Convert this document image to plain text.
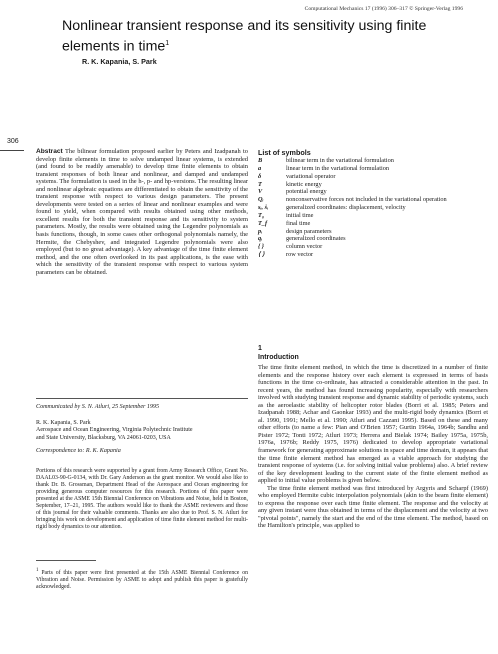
Computational Mechanics 17 (1996) 306–317 © Springer-Verlag 1996
Nonlinear transient response and its sensitivity using finite elements in time$^1$
R. K. Kapania, S. Park
306
Abstract The bilinear formulation proposed earlier by Peters and Izadpanah to develop finite elements in time to solve undamped linear systems, is extended (and found to be readily amenable) to develop time finite elements to obtain transient responses of both linear and nonlinear, and damped and undamped systems. The formulation is used in the h-, p- and hp-versions. The resulting linear and nonlinear algebraic equations are differentiated to obtain the sensitivity of the transient response with respect to various design parameters. The present developments were tested on a series of linear and nonlinear examples and were found to yield, when compared with results obtained using other methods, excellent results for both the transient response and its sensitivity to system parameters. Mostly, the results were obtained using the Legendre polynomials as basis functions, though, in some cases other orthogonal polynomials namely, the Hermite, the Chebyshev, and integrated Legendre polynomials were also employed (but to no great advantage). A key advantage of the time finite element method, and the one often overlooked in its past applications, is the ease with which the sensitivity of the transient response with respect to various system parameters can be obtained.
Communicated by S. N. Atluri, 25 September 1995
R. K. Kapania, S. Park
Aerospace and Ocean Engineering, Virginia Polytechnic Institute
and State University, Blacksburg, VA 24061-0203, USA
Correspondence to: R. K. Kapania
Portions of this research were supported by a grant from Army Research Office, Grant No. DAAL03-90-G-0134, with Dr. Gary Anderson as the grant monitor. We would also like to thank Dr. B. Grossman, Department Head of the Aerospace and Ocean engineering for providing generous computer resources for this research. Portions of this paper were presented at the ASME 15th Biennial Conference on Vibrations and Noise, held in Boston, September, 17–21, 1995. The authors would like to thank the ASME reviewers and those of this journal for their valuable comments. Thanks are also due to Prof. S. N. Atluri for bringing his work on development and application of time finite element method for multi-rigid body dynamics to our attention.
$^1$ Parts of this paper were first presented at the 15th ASME Biennial Conference on Vibration and Noise. Permission by ASME to adopt and publish this paper is gratefully acknowledged.
List of symbols
B	bilinear term in the variational formulation
a	linear term in the variational formulation
δ	variational operator
T	kinetic energy
V	potential energy
Qᵢ	nonconservative forces not included in the variational operation
sᵢ, ṡᵢ	generalized coordinates: displacement, velocity
T₀	initial time
T_f	final time
pᵢ	design parameters
qᵢ	generalized coordinates
{ }	column vector
⟨ ⟩	row vector
1
Introduction

The time finite element method, in which the time is discretized in a number of finite elements and the response history over each element is expressed in terms of basis functions in the time co-ordinate, has attracted a considerable attention in the past. In recent years, the method has found increasing popularity, especially with researchers involved with studying transient response and dynamic stability of periodic systems, such as the aeroelastic stability of helicopter rotor blades (Borri et al. 1985; Peters and Izadpanah 1988; Achar and Gaonkar 1993) and the multi-rigid body dynamics (Borri et al. 1990, 1991; Mello et al. 1990; Atluri and Cazzani 1995). Based on these and many other efforts (to name a few: Pian and O'Brien 1957; Gurtin 1964a, 1964b; Sandhu and Pister 1972; Tonti 1972; Atluri 1973; Herrera and Bielak 1974; Bailey 1975a, 1975b, 1976a, 1976b; Reddy 1975, 1976) dedicated to develop appropriate variational framework for generating approximate solutions in space and time domain, it appears that the time finite element method has emerged as a viable approach for studying the transient response of systems (i.e. for solving initial value problems) also. A brief review of the key development leading to the current state of the finite element method as applied to initial value problems is given below.

The time finite element method was first introduced by Argyris and Scharpf (1969) who employed Hermite cubic interpolation polynomials (akin to the beam finite element) to express the response over each time finite element. The response and the velocity at any given instant were thus obtained in terms of the displacement and the velocity at two "pivotal points", namely the start and the end of the time element. The method, based on the Hamilton's principle, was applied to
